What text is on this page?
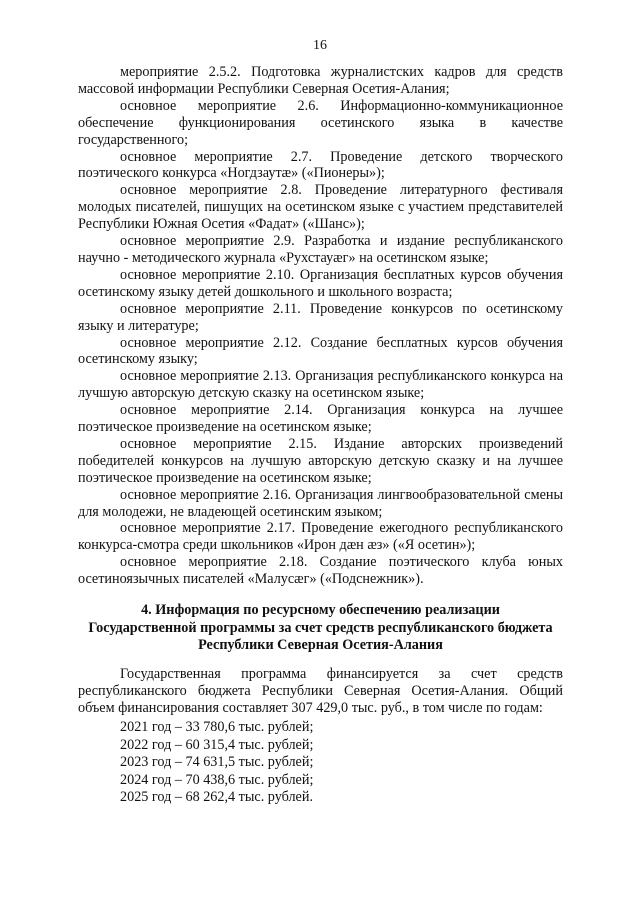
16

мероприятие 2.5.2. Подготовка журналистских кадров для средств массовой информации Республики Северная Осетия-Алания;

основное мероприятие 2.6. Информационно-коммуникационное обеспечение функционирования осетинского языка в качестве государственного;

основное мероприятие 2.7. Проведение детского творческого поэтического конкурса «Ногдзаутæ» («Пионеры»);

основное мероприятие 2.8. Проведение литературного фестиваля молодых писателей, пишущих на осетинском языке с участием представителей Республики Южная Осетия «Фадат» («Шанс»);

основное мероприятие 2.9. Разработка и издание республиканского научно - методического журнала «Рухстауæг» на осетинском языке;

основное мероприятие 2.10. Организация бесплатных курсов обучения осетинскому языку детей дошкольного и школьного возраста;

основное мероприятие 2.11. Проведение конкурсов по осетинскому языку и литературе;

основное мероприятие 2.12. Создание бесплатных курсов обучения осетинскому языку;

основное мероприятие 2.13. Организация республиканского конкурса на лучшую авторскую детскую сказку на осетинском языке;

основное мероприятие 2.14. Организация конкурса на лучшее поэтическое произведение на осетинском языке;

основное мероприятие 2.15. Издание авторских произведений победителей конкурсов на лучшую авторскую детскую сказку и на лучшее поэтическое произведение на осетинском языке;

основное мероприятие 2.16. Организация лингвообразовательной смены для молодежи, не владеющей осетинским языком;

основное мероприятие 2.17. Проведение ежегодного республиканского конкурса-смотра среди школьников «Ирон дæн æз» («Я осетин»);

основное мероприятие 2.18. Создание поэтического клуба юных осетиноязычных писателей «Малусæг» («Подснежник»).

4. Информация по ресурсному обеспечению реализации
Государственной программы за счет средств республиканского бюджета
Республики Северная Осетия-Алания

Государственная программа финансируется за счет средств республиканского бюджета Республики Северная Осетия-Алания. Общий объем финансирования составляет 307 429,0 тыс. руб., в том числе по годам:

2021 год – 33 780,6 тыс. рублей;
2022 год – 60 315,4 тыс. рублей;
2023 год – 74 631,5 тыс. рублей;
2024 год – 70 438,6 тыс. рублей;
2025 год – 68 262,4 тыс. рублей.
